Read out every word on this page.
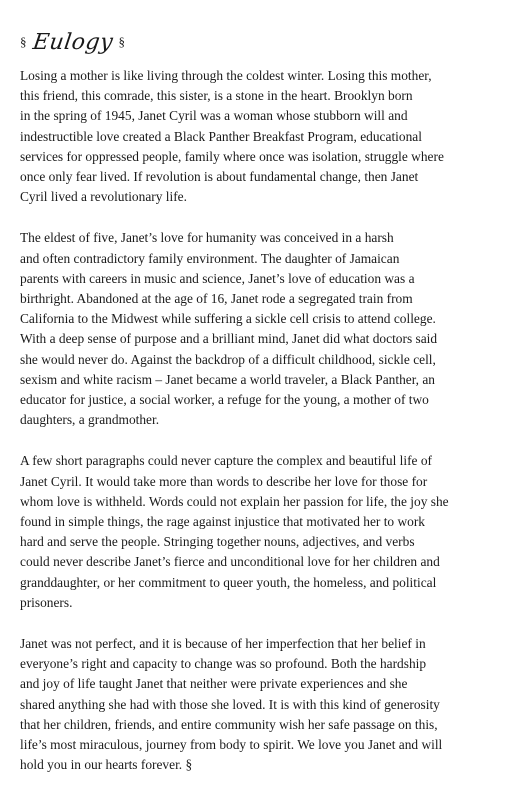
§ Eulogy §

Losing a mother is like living through the coldest winter. Losing this mother,
this friend, this comrade, this sister, is a stone in the heart. Brooklyn born
in the spring of 1945, Janet Cyril was a woman whose stubborn will and
indestructible love created a Black Panther Breakfast Program, educational
services for oppressed people, family where once was isolation, struggle where
once only fear lived. If revolution is about fundamental change, then Janet
Cyril lived a revolutionary life.

The eldest of five, Janet’s love for humanity was conceived in a harsh
and often contradictory family environment. The daughter of Jamaican
parents with careers in music and science, Janet’s love of education was a
birthright. Abandoned at the age of 16, Janet rode a segregated train from
California to the Midwest while suffering a sickle cell crisis to attend college.
With a deep sense of purpose and a brilliant mind, Janet did what doctors said
she would never do. Against the backdrop of a difficult childhood, sickle cell,
sexism and white racism – Janet became a world traveler, a Black Panther, an
educator for justice, a social worker, a refuge for the young, a mother of two
daughters, a grandmother.

A few short paragraphs could never capture the complex and beautiful life of
Janet Cyril. It would take more than words to describe her love for those for
whom love is withheld. Words could not explain her passion for life, the joy she
found in simple things, the rage against injustice that motivated her to work
hard and serve the people. Stringing together nouns, adjectives, and verbs
could never describe Janet’s fierce and unconditional love for her children and
granddaughter, or her commitment to queer youth, the homeless, and political
prisoners.

Janet was not perfect, and it is because of her imperfection that her belief in
everyone’s right and capacity to change was so profound. Both the hardship
and joy of life taught Janet that neither were private experiences and she
shared anything she had with those she loved. It is with this kind of generosity
that her children, friends, and entire community wish her safe passage on this,
life’s most miraculous, journey from body to spirit. We love you Janet and will
hold you in our hearts forever. §
